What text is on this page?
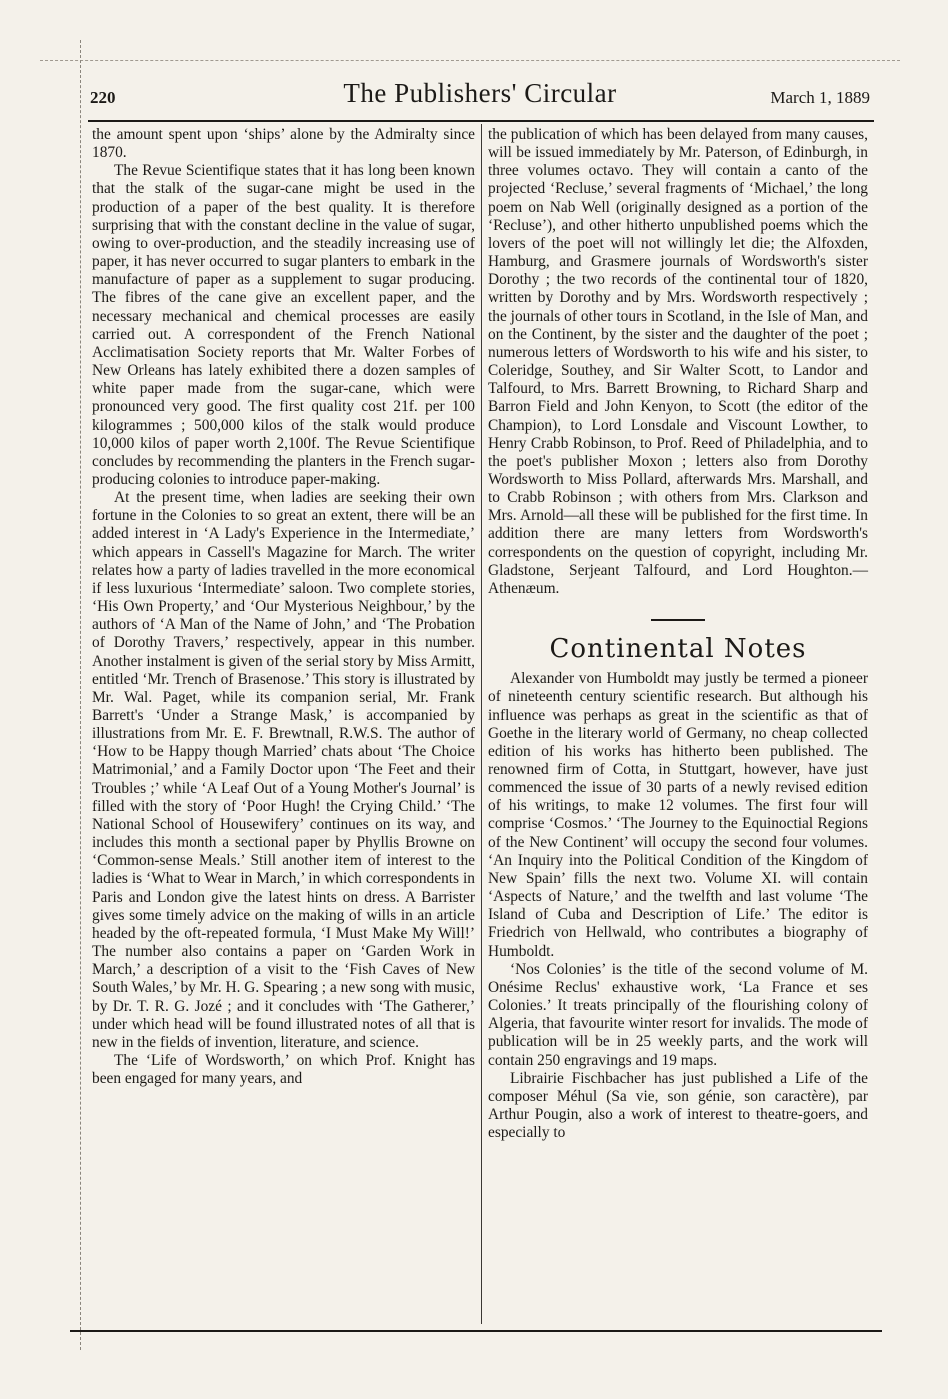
220	The Publishers' Circular	March 1, 1889

the amount spent upon ‘ships’ alone by the Admiralty since 1870.

The Revue Scientifique states that it has long been known that the stalk of the sugar-cane might be used in the production of a paper of the best quality. It is therefore surprising that with the constant decline in the value of sugar, owing to over-production, and the steadily increasing use of paper, it has never occurred to sugar planters to embark in the manufacture of paper as a supplement to sugar producing. The fibres of the cane give an excellent paper, and the necessary mechanical and chemical processes are easily carried out. A correspondent of the French National Acclimatisation Society reports that Mr. Walter Forbes of New Orleans has lately exhibited there a dozen samples of white paper made from the sugar-cane, which were pronounced very good. The first quality cost 21f. per 100 kilogrammes ; 500,000 kilos of the stalk would produce 10,000 kilos of paper worth 2,100f. The Revue Scientifique concludes by recommending the planters in the French sugar-producing colonies to introduce paper-making.

At the present time, when ladies are seeking their own fortune in the Colonies to so great an extent, there will be an added interest in ‘A Lady's Experience in the Intermediate,’ which appears in Cassell's Magazine for March. The writer relates how a party of ladies travelled in the more economical if less luxurious ‘Intermediate’ saloon. Two complete stories, ‘His Own Property,’ and ‘Our Mysterious Neighbour,’ by the authors of ‘A Man of the Name of John,’ and ‘The Probation of Dorothy Travers,’ respectively, appear in this number. Another instalment is given of the serial story by Miss Armitt, entitled ‘Mr. Trench of Brasenose.’ This story is illustrated by Mr. Wal. Paget, while its companion serial, Mr. Frank Barrett's ‘Under a Strange Mask,’ is accompanied by illustrations from Mr. E. F. Brewtnall, R.W.S. The author of ‘How to be Happy though Married’ chats about ‘The Choice Matrimonial,’ and a Family Doctor upon ‘The Feet and their Troubles ;’ while ‘A Leaf Out of a Young Mother's Journal’ is filled with the story of ‘Poor Hugh! the Crying Child.’ ‘The National School of Housewifery’ continues on its way, and includes this month a sectional paper by Phyllis Browne on ‘Common-sense Meals.’ Still another item of interest to the ladies is ‘What to Wear in March,’ in which correspondents in Paris and London give the latest hints on dress. A Barrister gives some timely advice on the making of wills in an article headed by the oft-repeated formula, ‘I Must Make My Will!’ The number also contains a paper on ‘Garden Work in March,’ a description of a visit to the ‘Fish Caves of New South Wales,’ by Mr. H. G. Spearing ; a new song with music, by Dr. T. R. G. Jozé ; and it concludes with ‘The Gatherer,’ under which head will be found illustrated notes of all that is new in the fields of invention, literature, and science.

The ‘Life of Wordsworth,’ on which Prof. Knight has been engaged for many years, and

the publication of which has been delayed from many causes, will be issued immediately by Mr. Paterson, of Edinburgh, in three volumes octavo. They will contain a canto of the projected ‘Recluse,’ several fragments of ‘Michael,’ the long poem on Nab Well (originally designed as a portion of the ‘Recluse’), and other hitherto unpublished poems which the lovers of the poet will not willingly let die; the Alfoxden, Hamburg, and Grasmere journals of Wordsworth's sister Dorothy ; the two records of the continental tour of 1820, written by Dorothy and by Mrs. Wordsworth respectively ; the journals of other tours in Scotland, in the Isle of Man, and on the Continent, by the sister and the daughter of the poet ; numerous letters of Wordsworth to his wife and his sister, to Coleridge, Southey, and Sir Walter Scott, to Landor and Talfourd, to Mrs. Barrett Browning, to Richard Sharp and Barron Field and John Kenyon, to Scott (the editor of the Champion), to Lord Lonsdale and Viscount Lowther, to Henry Crabb Robinson, to Prof. Reed of Philadelphia, and to the poet's publisher Moxon ; letters also from Dorothy Wordsworth to Miss Pollard, afterwards Mrs. Marshall, and to Crabb Robinson ; with others from Mrs. Clarkson and Mrs. Arnold—all these will be published for the first time. In addition there are many letters from Wordsworth's correspondents on the question of copyright, including Mr. Gladstone, Serjeant Talfourd, and Lord Houghton.—Athenæum.

Continental Notes

Alexander von Humboldt may justly be termed a pioneer of nineteenth century scientific research. But although his influence was perhaps as great in the scientific as that of Goethe in the literary world of Germany, no cheap collected edition of his works has hitherto been published. The renowned firm of Cotta, in Stuttgart, however, have just commenced the issue of 30 parts of a newly revised edition of his writings, to make 12 volumes. The first four will comprise ‘Cosmos.’ ‘The Journey to the Equinoctial Regions of the New Continent’ will occupy the second four volumes. ‘An Inquiry into the Political Condition of the Kingdom of New Spain’ fills the next two. Volume XI. will contain ‘Aspects of Nature,’ and the twelfth and last volume ‘The Island of Cuba and Description of Life.’ The editor is Friedrich von Hellwald, who contributes a biography of Humboldt.

‘Nos Colonies’ is the title of the second volume of M. Onésime Reclus' exhaustive work, ‘La France et ses Colonies.’ It treats principally of the flourishing colony of Algeria, that favourite winter resort for invalids. The mode of publication will be in 25 weekly parts, and the work will contain 250 engravings and 19 maps.

Librairie Fischbacher has just published a Life of the composer Méhul (Sa vie, son génie, son caractère), par Arthur Pougin, also a work of interest to theatre-goers, and especially to
